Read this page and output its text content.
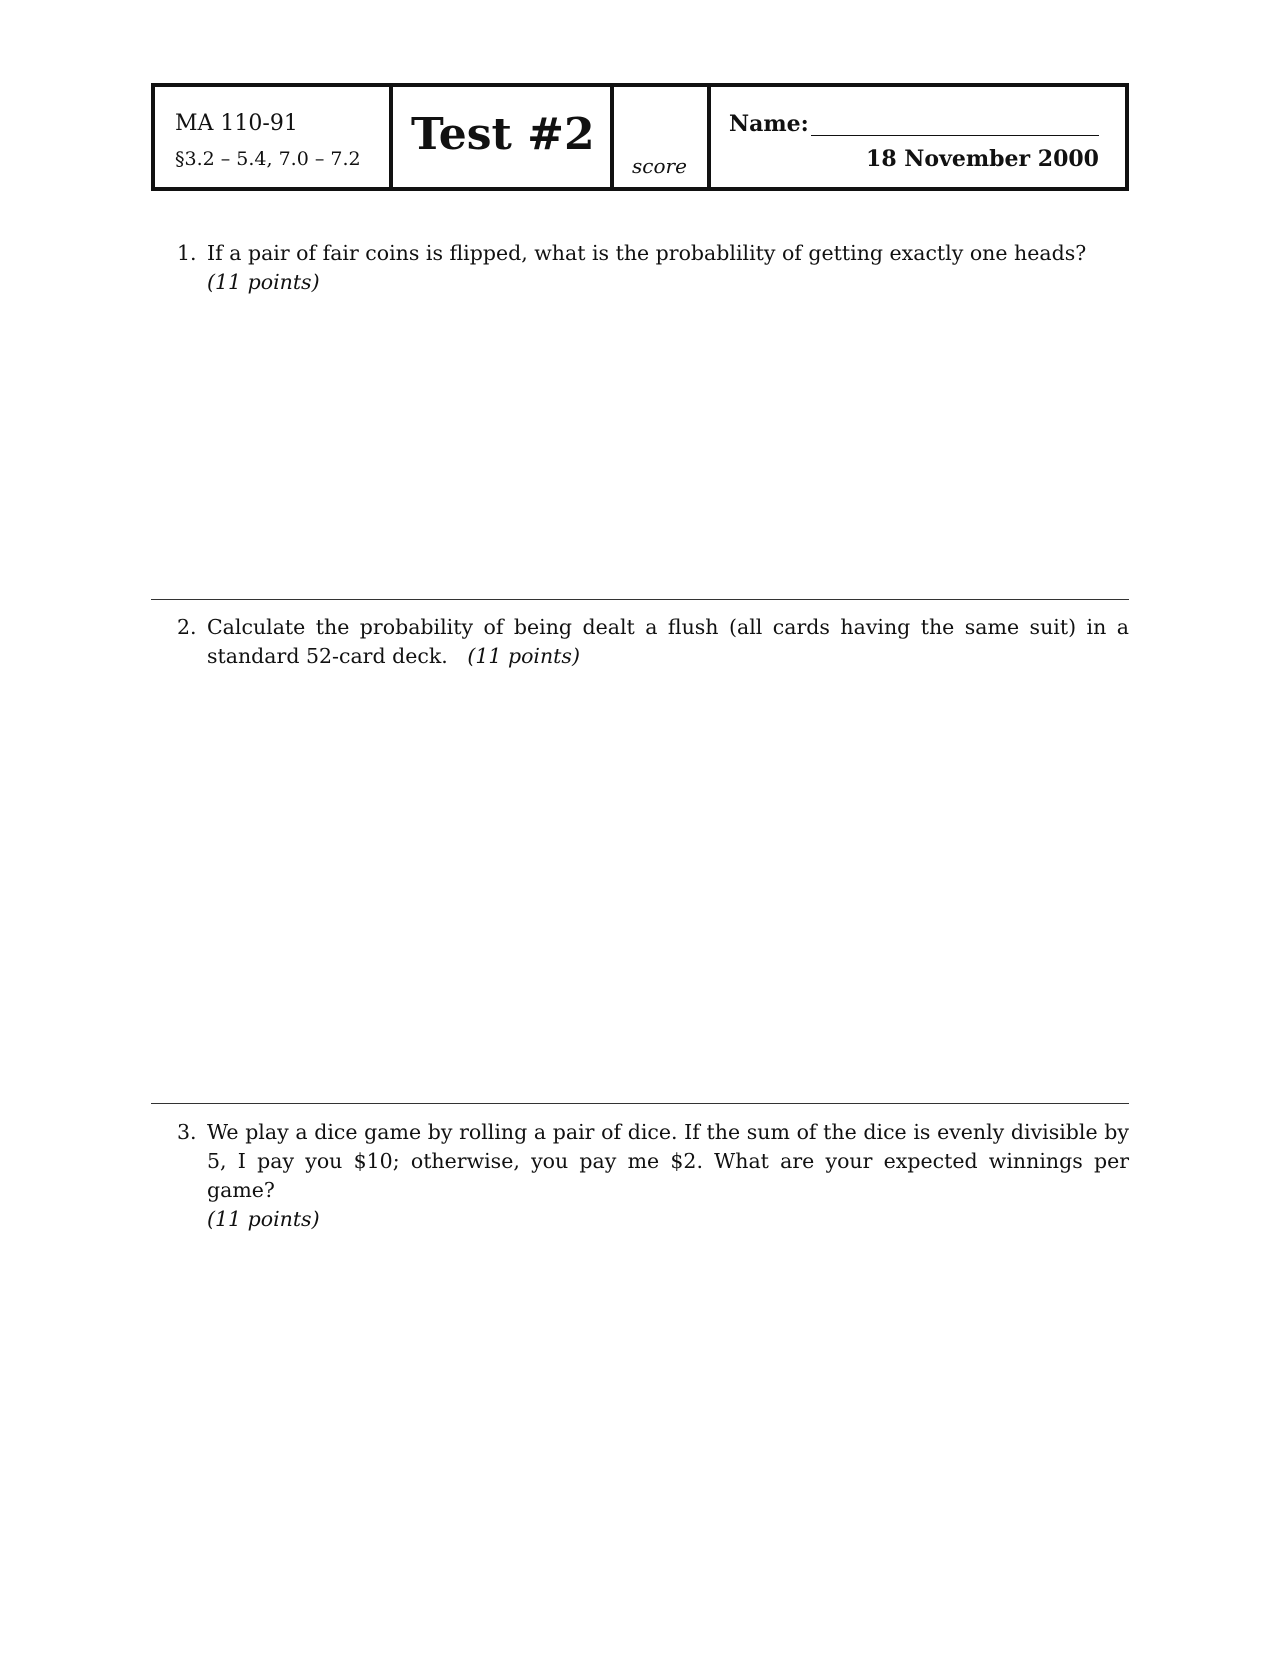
MA 110-91
§3.2 – 5.4, 7.0 – 7.2 Test #2
score
Name:
18 November 2000
1. If a pair of fair coins is flipped, what is the probablility of getting exactly one heads?
(11 points)
2. Calculate the probability of being dealt a flush (all cards having the same suit) in a standard 52-card deck. (11 points)
3. We play a dice game by rolling a pair of dice. If the sum of the dice is evenly divisible by 5, I pay you $10; otherwise, you pay me $2. What are your expected winnings per game?
(11 points)
